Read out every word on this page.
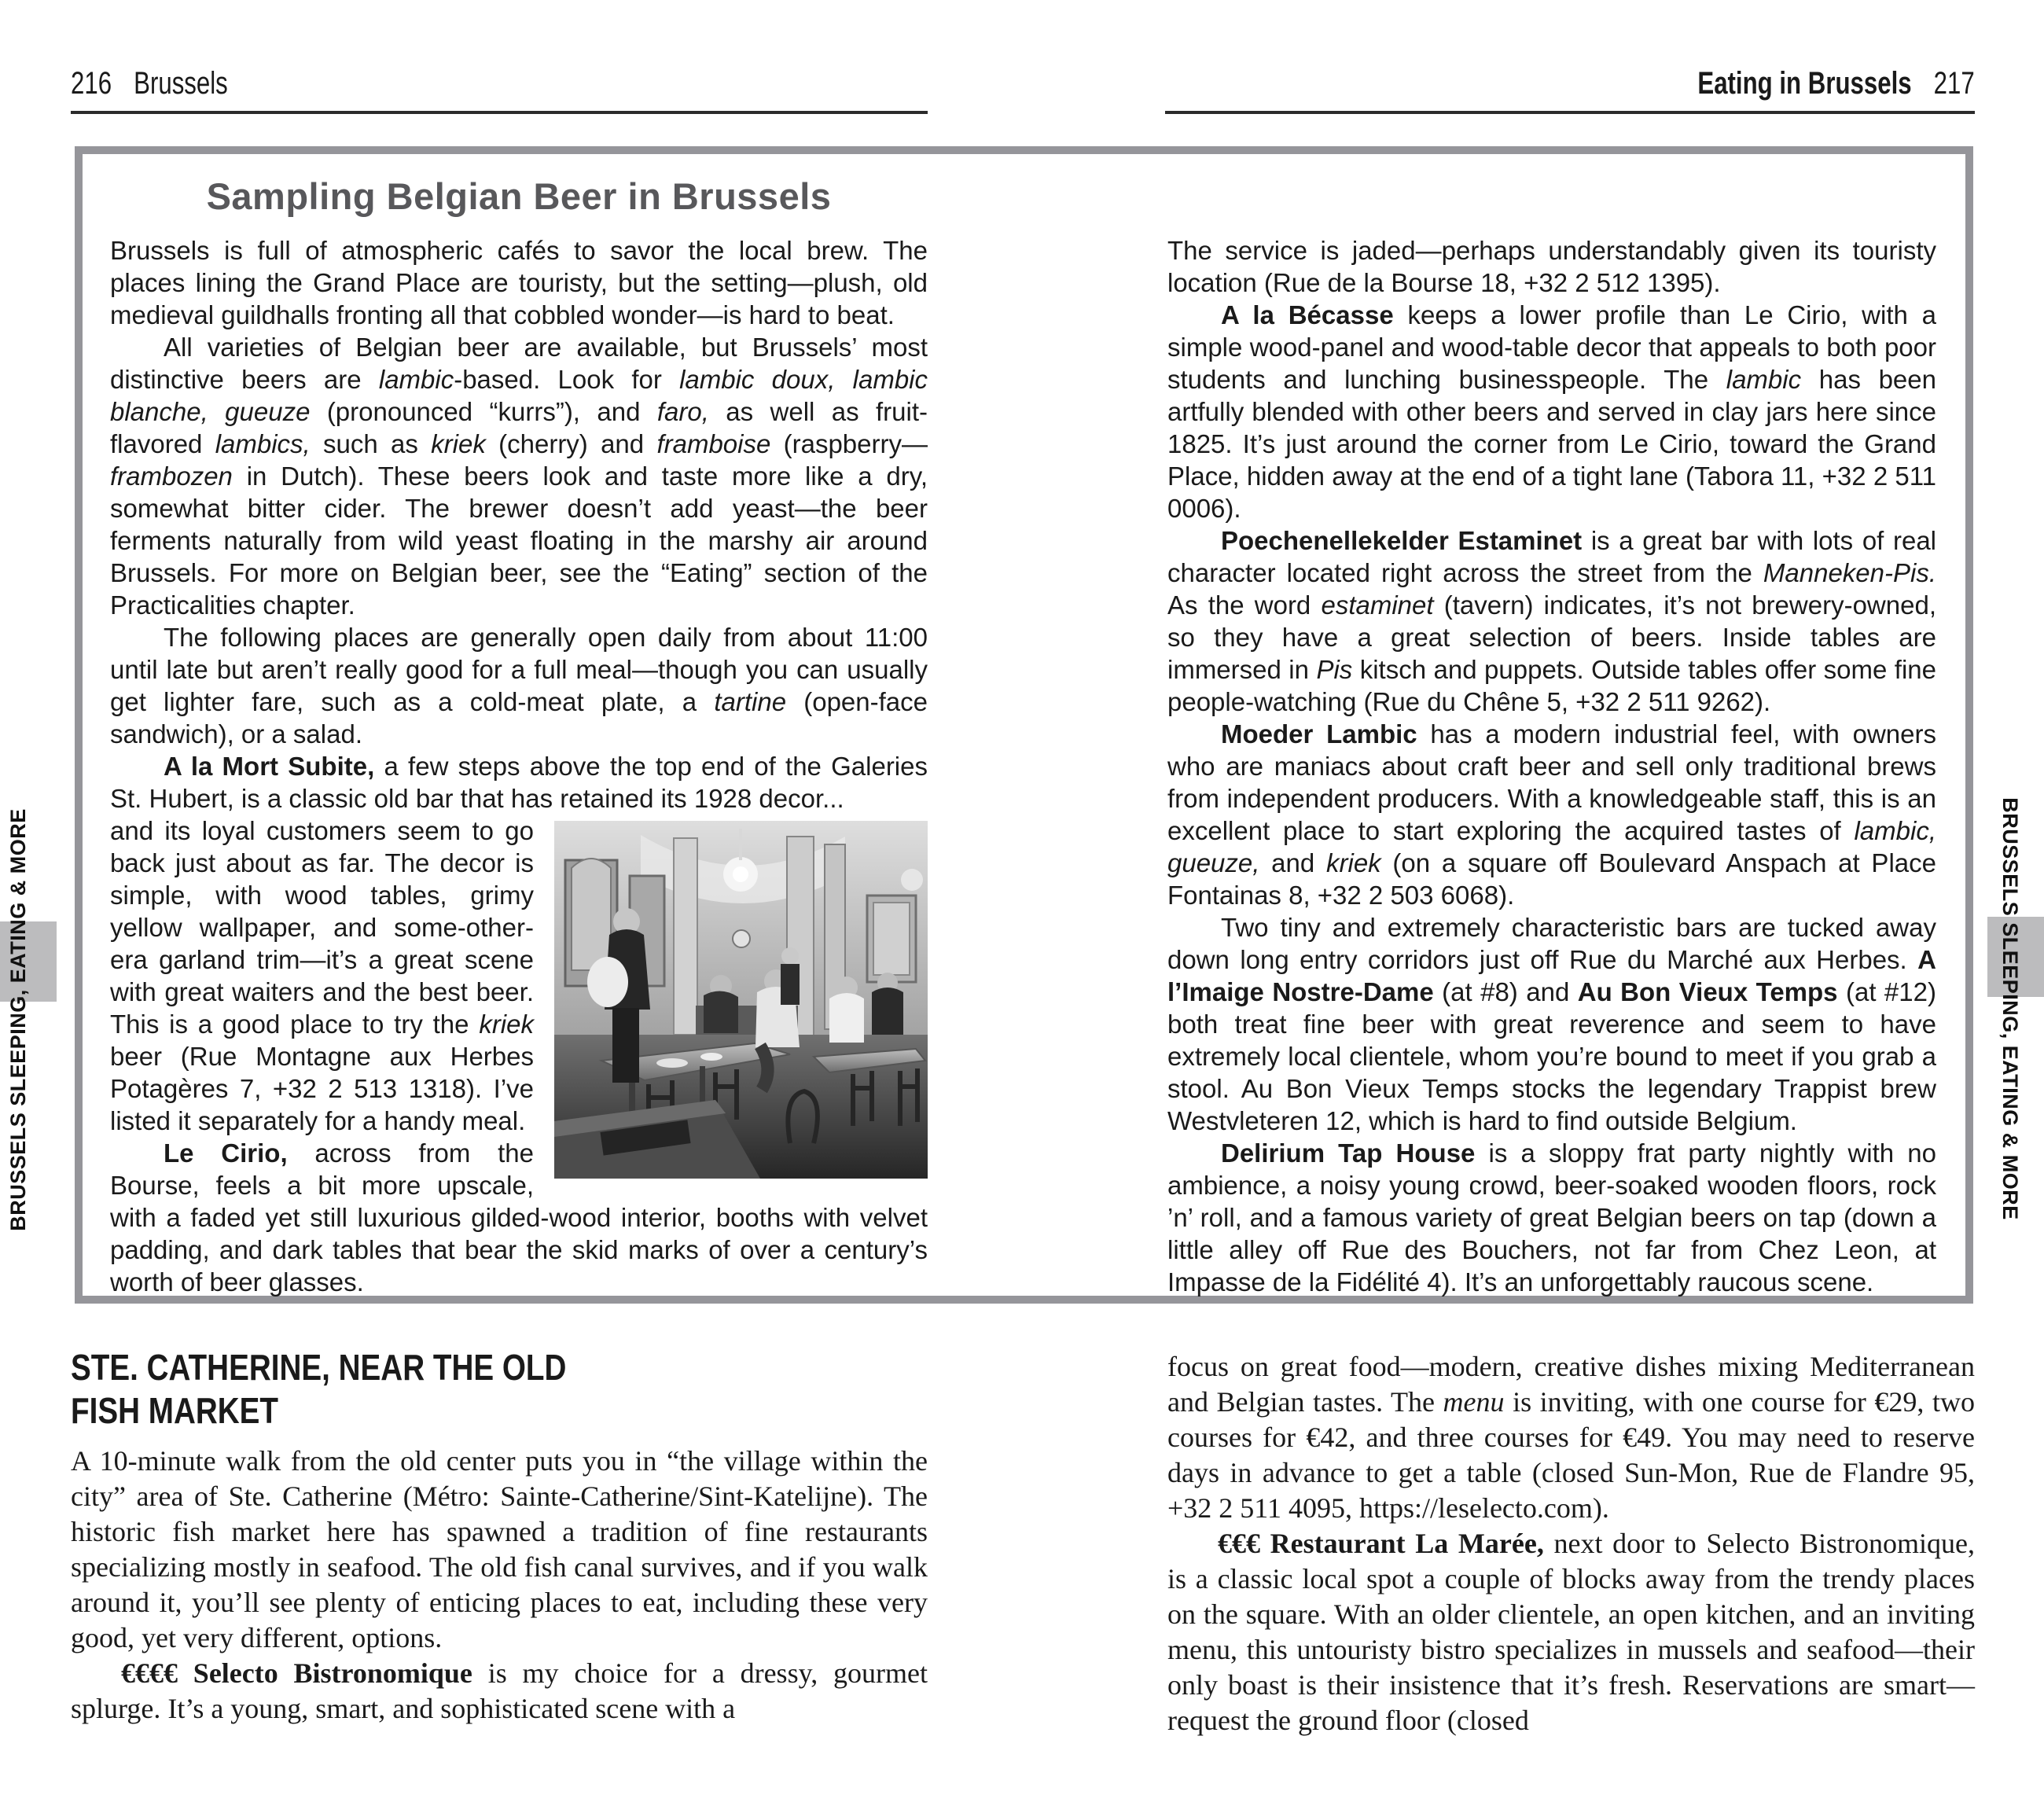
216 Brussels	Eating in Brussels 217
BRUSSELS SLEEPING, EATING & MORE	BRUSSELS SLEEPING, EATING & MORE
Sampling Belgian Beer in Brussels

Brussels is full of atmospheric cafés to savor the local brew. The places lining the Grand Place are touristy, but the setting—plush, old medieval guildhalls fronting all that cobbled wonder—is hard to beat.

All varieties of Belgian beer are available, but Brussels’ most distinctive beers are lambic-based. Look for lambic doux, lambic blanche, gueuze (pronounced “kurrs”), and faro, as well as fruit-flavored lambics, such as kriek (cherry) and framboise (raspberry—frambozen in Dutch). These beers look and taste more like a dry, somewhat bitter cider. The brewer doesn’t add yeast—the beer ferments naturally from wild yeast floating in the marshy air around Brussels. For more on Belgian beer, see the “Eating” section of the Practicalities chapter.

The following places are generally open daily from about 11:00 until late but aren’t really good for a full meal—though you can usually get lighter fare, such as a cold-meat plate, a tartine (open-face sandwich), or a salad.

A la Mort Subite, a few steps above the top end of the Galeries St. Hubert, is a classic old bar that has retained its 1928 decor...

and its loyal customers seem to go back just about as far. The decor is simple, with wood tables, grimy yellow wallpaper, and some-other-era garland trim—it’s a great scene with great waiters and the best beer. This is a good place to try the kriek beer (Rue Montagne aux Herbes Potagères 7, +32 2 513 1318). I’ve listed it separately for a handy meal.

Le Cirio, across from the Bourse, feels a bit more upscale, with a faded yet still luxurious gilded-wood interior, booths with velvet padding, and dark tables that bear the skid marks of over a century’s worth of beer glasses.

The service is jaded—perhaps understandably given its touristy location (Rue de la Bourse 18, +32 2 512 1395).

A la Bécasse keeps a lower profile than Le Cirio, with a simple wood-panel and wood-table decor that appeals to both poor students and lunching businesspeople. The lambic has been artfully blended with other beers and served in clay jars here since 1825. It’s just around the corner from Le Cirio, toward the Grand Place, hidden away at the end of a tight lane (Tabora 11, +32 2 511 0006).

Poechenellekelder Estaminet is a great bar with lots of real character located right across the street from the Manneken-Pis. As the word estaminet (tavern) indicates, it’s not brewery-owned, so they have a great selection of beers. Inside tables are immersed in Pis kitsch and puppets. Outside tables offer some fine people-watching (Rue du Chêne 5, +32 2 511 9262).

Moeder Lambic has a modern industrial feel, with owners who are maniacs about craft beer and sell only traditional brews from independent producers. With a knowledgeable staff, this is an excellent place to start exploring the acquired tastes of lambic, gueuze, and kriek (on a square off Boulevard Anspach at Place Fontainas 8, +32 2 503 6068).

Two tiny and extremely characteristic bars are tucked away down long entry corridors just off Rue du Marché aux Herbes. A l’Imaige Nostre-Dame (at #8) and Au Bon Vieux Temps (at #12) both treat fine beer with great reverence and seem to have extremely local clientele, whom you’re bound to meet if you grab a stool. Au Bon Vieux Temps stocks the legendary Trappist brew Westvleteren 12, which is hard to find outside Belgium.

Delirium Tap House is a sloppy frat party nightly with no ambience, a noisy young crowd, beer-soaked wooden floors, rock ’n’ roll, and a famous variety of great Belgian beers on tap (down a little alley off Rue des Bouchers, not far from Chez Leon, at Impasse de la Fidélité 4). It’s an unforgettably raucous scene.

STE. CATHERINE, NEAR THE OLD
FISH MARKET

A 10-minute walk from the old center puts you in “the village within the city” area of Ste. Catherine (Métro: Sainte-Catherine/Sint-Katelijne). The historic fish market here has spawned a tradition of fine restaurants specializing mostly in seafood. The old fish canal survives, and if you walk around it, you’ll see plenty of enticing places to eat, including these very good, yet very different, options.

€€€€ Selecto Bistronomique is my choice for a dressy, gourmet splurge. It’s a young, smart, and sophisticated scene with a

focus on great food—modern, creative dishes mixing Mediterranean and Belgian tastes. The menu is inviting, with one course for €29, two courses for €42, and three courses for €49. You may need to reserve days in advance to get a table (closed Sun-Mon, Rue de Flandre 95, +32 2 511 4095, https://leselecto.com).

€€€ Restaurant La Marée, next door to Selecto Bistronomique, is a classic local spot a couple of blocks away from the trendy places on the square. With an older clientele, an open kitchen, and an inviting menu, this untouristy bistro specializes in mussels and seafood—their only boast is their insistence that it’s fresh. Reservations are smart—request the ground floor (closed
